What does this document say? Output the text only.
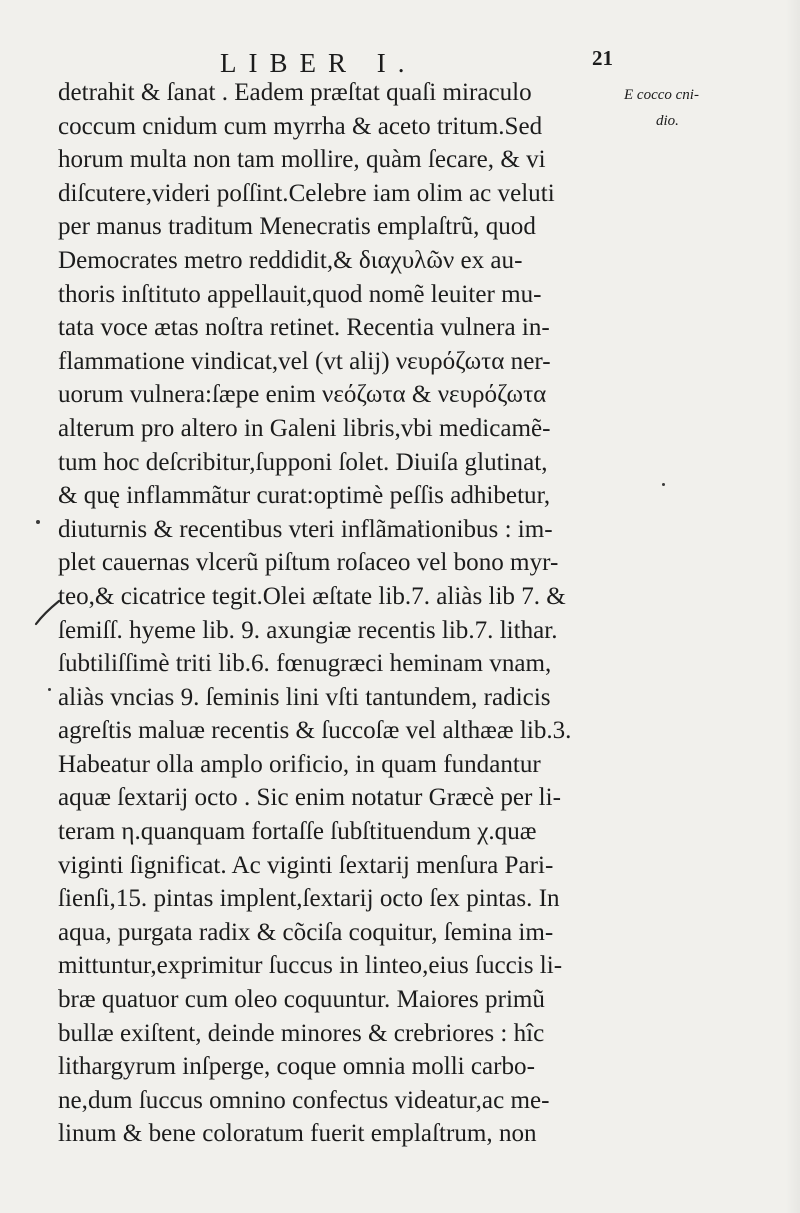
LIBER I.	21
E cocco cni-
dio.
detrahit & ſanat . Eadem præſtat quaſi miraculo
coccum cnidum cum myrrha & aceto tritum.Sed
horum multa non tam mollire, quàm ſecare, & vi
diſcutere,videri poſſint.Celebre iam olim ac veluti
per manus traditum Menecratis emplaſtrũ, quod
Democrates metro reddidit,& διαχυλῶν ex au-
thoris inſtituto appellauit,quod nomẽ leuiter mu-
tata voce ætas noſtra retinet. Recentia vulnera in-
flammatione vindicat,vel (vt alij) νευρόζωτα ner-
uorum vulnera:ſæpe enim νεόζωτα & νευρόζωτα
alterum pro altero in Galeni libris,vbi medicamẽ-
tum hoc deſcribitur,ſupponi ſolet. Diuiſa glutinat,
& quę inflammãtur curat:optimè peſſis adhibetur,
diuturnis & recentibus vteri inflãmationibus : im-
plet cauernas vlcerũ piſtum roſaceo vel bono myr-
teo,& cicatrice tegit.Olei æſtate lib.7. aliàs lib 7. &
ſemiſſ. hyeme lib. 9. axungiæ recentis lib.7. lithar.
ſubtiliſſimè triti lib.6. fœnugræci heminam vnam,
aliàs vncias 9. ſeminis lini vſti tantundem, radicis
agreſtis maluæ recentis & ſuccoſæ vel althææ lib.3.
Habeatur olla amplo orificio, in quam fundantur
aquæ ſextarij octo . Sic enim notatur Græcè per li-
teram η.quanquam fortaſſe ſubſtituendum χ.quæ
viginti ſignificat. Ac viginti ſextarij menſura Pari-
ſienſi,15. pintas implent,ſextarij octo ſex pintas. In
aqua, purgata radix & cõciſa coquitur, ſemina im-
mittuntur,exprimitur ſuccus in linteo,eius ſuccis li-
bræ quatuor cum oleo coquuntur. Maiores primũ
bullæ exiſtent, deinde minores & crebriores : hîc
lithargyrum inſperge, coque omnia molli carbo-
ne,dum ſuccus omnino confectus videatur,ac me-
linum & bene coloratum fuerit emplaſtrum, non
